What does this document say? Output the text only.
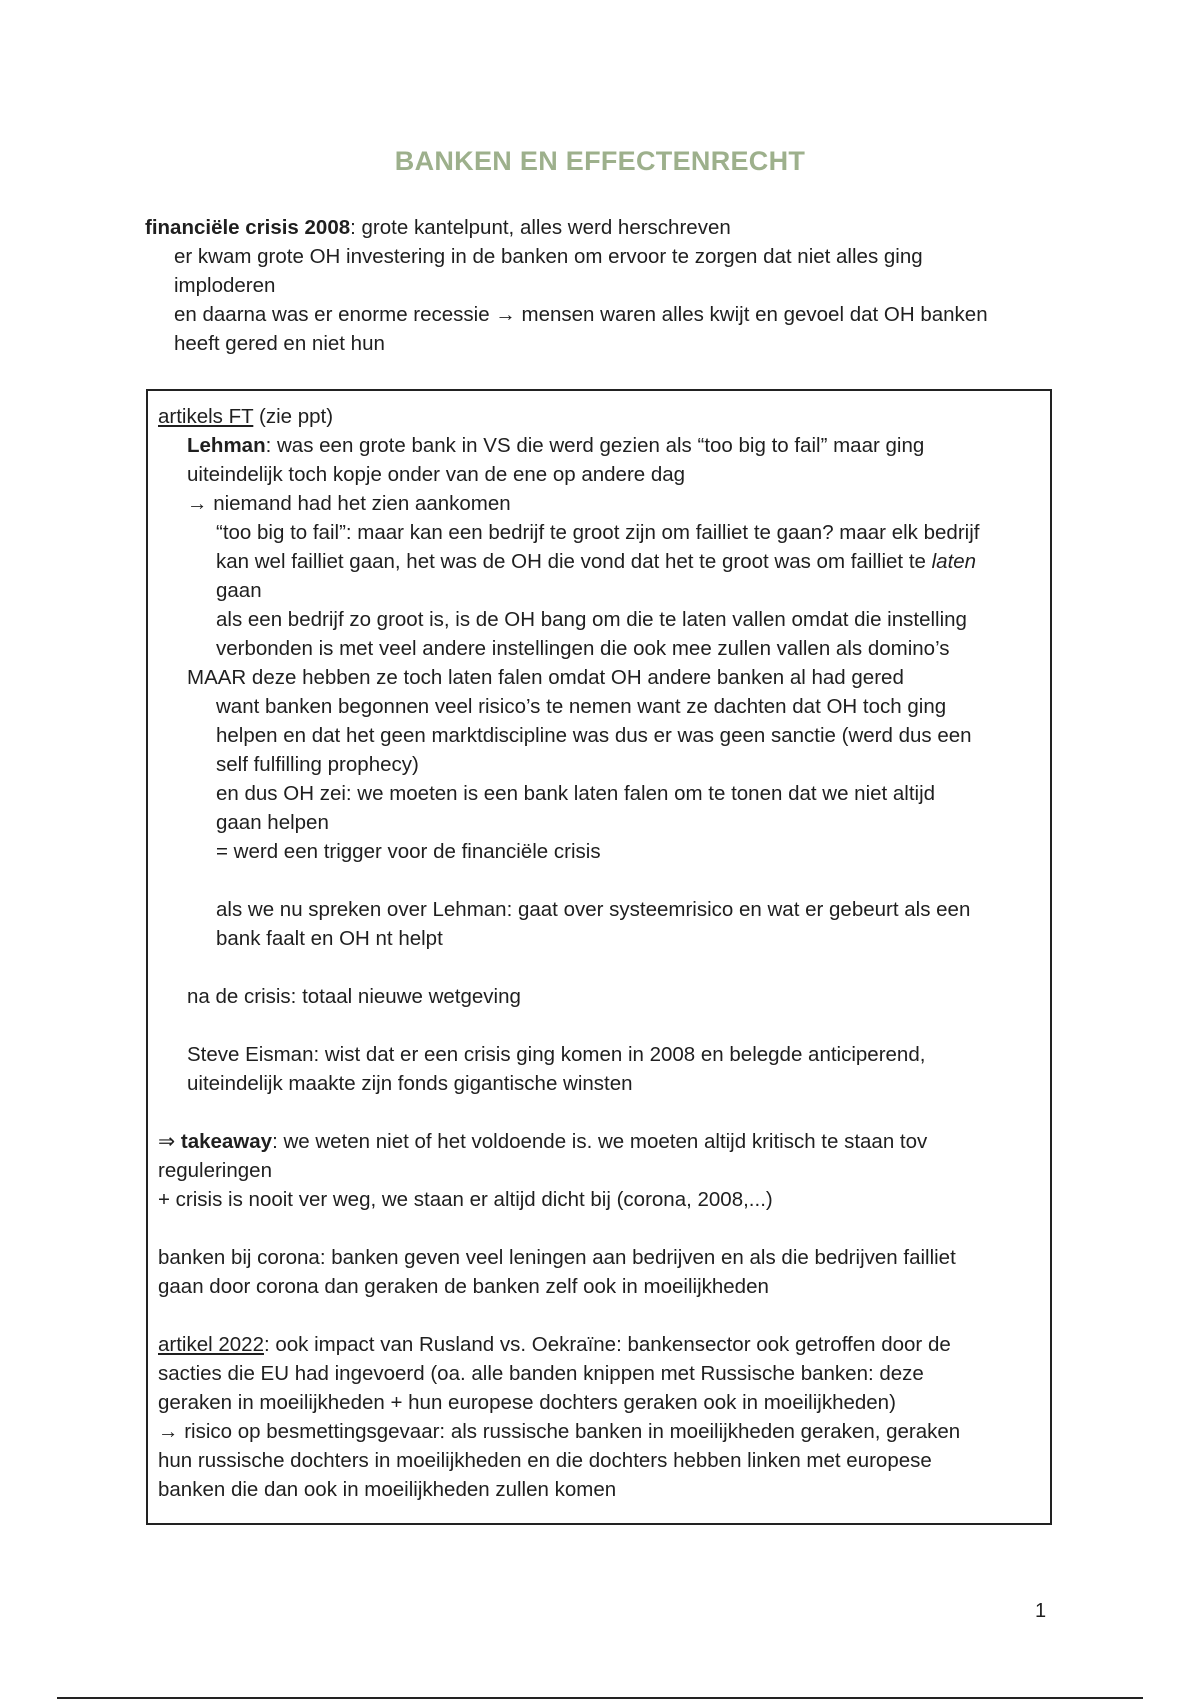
BANKEN EN EFFECTENRECHT
financiële crisis 2008: grote kantelpunt, alles werd herschreven
er kwam grote OH investering in de banken om ervoor te zorgen dat niet alles ging
imploderen
en daarna was er enorme recessie → mensen waren alles kwijt en gevoel dat OH banken
heeft gered en niet hun
artikels FT (zie ppt)
Lehman: was een grote bank in VS die werd gezien als “too big to fail” maar ging
uiteindelijk toch kopje onder van de ene op andere dag
→ niemand had het zien aankomen
“too big to fail”: maar kan een bedrijf te groot zijn om failliet te gaan? maar elk bedrijf
kan wel failliet gaan, het was de OH die vond dat het te groot was om failliet te laten
gaan
als een bedrijf zo groot is, is de OH bang om die te laten vallen omdat die instelling
verbonden is met veel andere instellingen die ook mee zullen vallen als domino’s
MAAR deze hebben ze toch laten falen omdat OH andere banken al had gered
want banken begonnen veel risico’s te nemen want ze dachten dat OH toch ging
helpen en dat het geen marktdiscipline was dus er was geen sanctie (werd dus een
self fulfilling prophecy)
en dus OH zei: we moeten is een bank laten falen om te tonen dat we niet altijd
gaan helpen
= werd een trigger voor de financiële crisis
als we nu spreken over Lehman: gaat over systeemrisico en wat er gebeurt als een
bank faalt en OH nt helpt
na de crisis: totaal nieuwe wetgeving
Steve Eisman: wist dat er een crisis ging komen in 2008 en belegde anticiperend,
uiteindelijk maakte zijn fonds gigantische winsten
⇒ takeaway: we weten niet of het voldoende is. we moeten altijd kritisch te staan tov
reguleringen
+ crisis is nooit ver weg, we staan er altijd dicht bij (corona, 2008,...)
banken bij corona: banken geven veel leningen aan bedrijven en als die bedrijven failliet
gaan door corona dan geraken de banken zelf ook in moeilijkheden
artikel 2022: ook impact van Rusland vs. Oekraïne: bankensector ook getroffen door de
sacties die EU had ingevoerd (oa. alle banden knippen met Russische banken: deze
geraken in moeilijkheden + hun europese dochters geraken ook in moeilijkheden)
→ risico op besmettingsgevaar: als russische banken in moeilijkheden geraken, geraken
hun russische dochters in moeilijkheden en die dochters hebben linken met europese
banken die dan ook in moeilijkheden zullen komen
1
